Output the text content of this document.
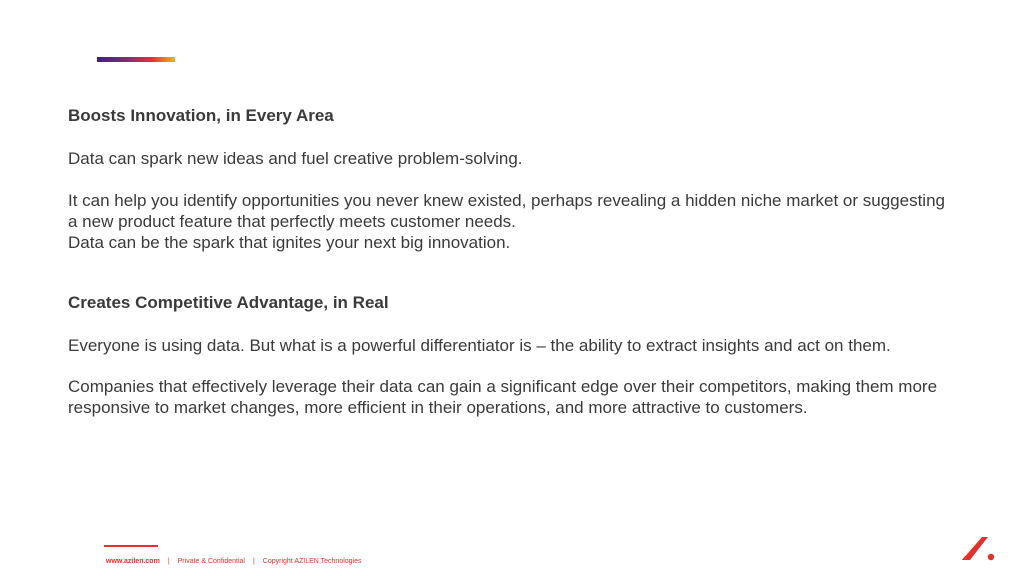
Boosts Innovation, in Every Area

Data can spark new ideas and fuel creative problem-solving.

It can help you identify opportunities you never knew existed, perhaps revealing a hidden niche market or suggesting a new product feature that perfectly meets customer needs.
Data can be the spark that ignites your next big innovation.

Creates Competitive Advantage, in Real

Everyone is using data. But what is a powerful differentiator is – the ability to extract insights and act on them.

Companies that effectively leverage their data can gain a significant edge over their competitors, making them more responsive to market changes, more efficient in their operations, and more attractive to customers.

www.azilen.com | Private & Confidential | Copyright AZILEN Technologies
